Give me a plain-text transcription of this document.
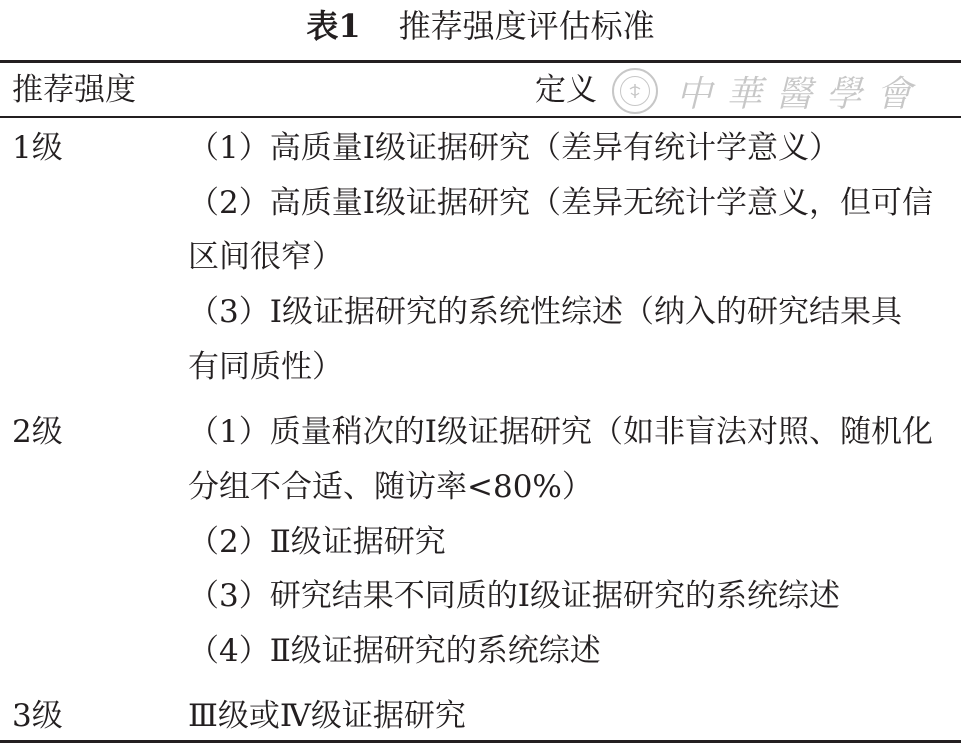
表1 推荐强度评估标准
推荐强度	定义 中華醫學會
1级	（1）高质量Ⅰ级证据研究（差异有统计学意义）
（2）高质量Ⅰ级证据研究（差异无统计学意义，但可信
区间很窄）
（3）Ⅰ级证据研究的系统性综述（纳入的研究结果具
有同质性）
2级	（1）质量稍次的Ⅰ级证据研究（如非盲法对照、随机化
分组不合适、随访率<80%）
（2）Ⅱ级证据研究
（3）研究结果不同质的Ⅰ级证据研究的系统综述
（4）Ⅱ级证据研究的系统综述
3级	Ⅲ级或Ⅳ级证据研究
